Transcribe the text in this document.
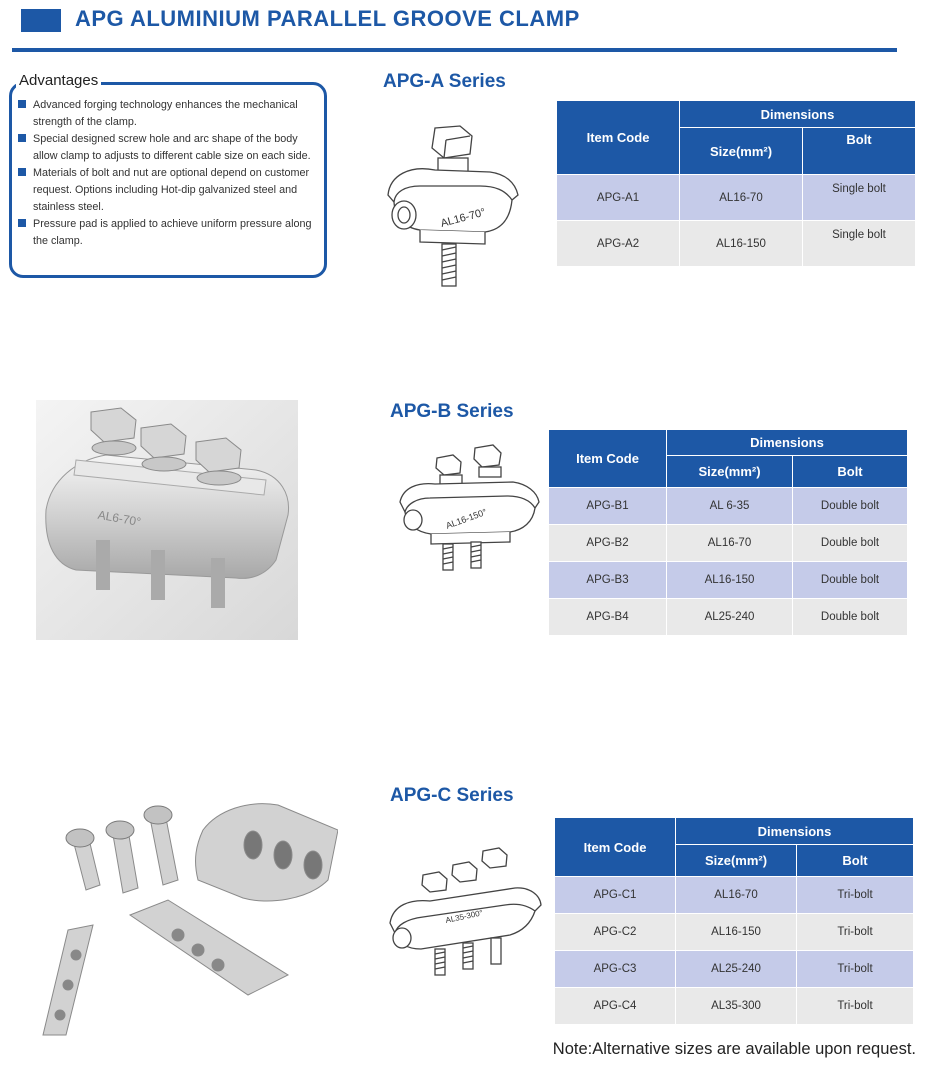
APG ALUMINIUM PARALLEL GROOVE CLAMP
Advantages
Advanced forging technology enhances the mechanical strength of the clamp.
Special designed screw hole and arc shape of the body allow clamp to adjusts to different cable size on each side.
Materials of bolt and nut are optional depend on customer request. Options including Hot-dip galvanized steel and stainless steel.
Pressure pad is applied to achieve uniform pressure along the clamp.
APG-A Series
AL16-70°
Item Code	Dimensions	
	Size(mm²)	Bolt
APG-A1	AL16-70	Single bolt
APG-A2	AL16-150	Single bolt
AL6-70°
APG-B Series
AL16-150°
Item Code	Dimensions	
	Size(mm²)	Bolt
APG-B1	AL 6-35	Double bolt
APG-B2	AL16-70	Double bolt
APG-B3	AL16-150	Double bolt
APG-B4	AL25-240	Double bolt
APG-C Series
AL35-300°
Item Code	Dimensions	
	Size(mm²)	Bolt
APG-C1	AL16-70	Tri-bolt
APG-C2	AL16-150	Tri-bolt
APG-C3	AL25-240	Tri-bolt
APG-C4	AL35-300	Tri-bolt
Note:Alternative sizes are available upon request.
